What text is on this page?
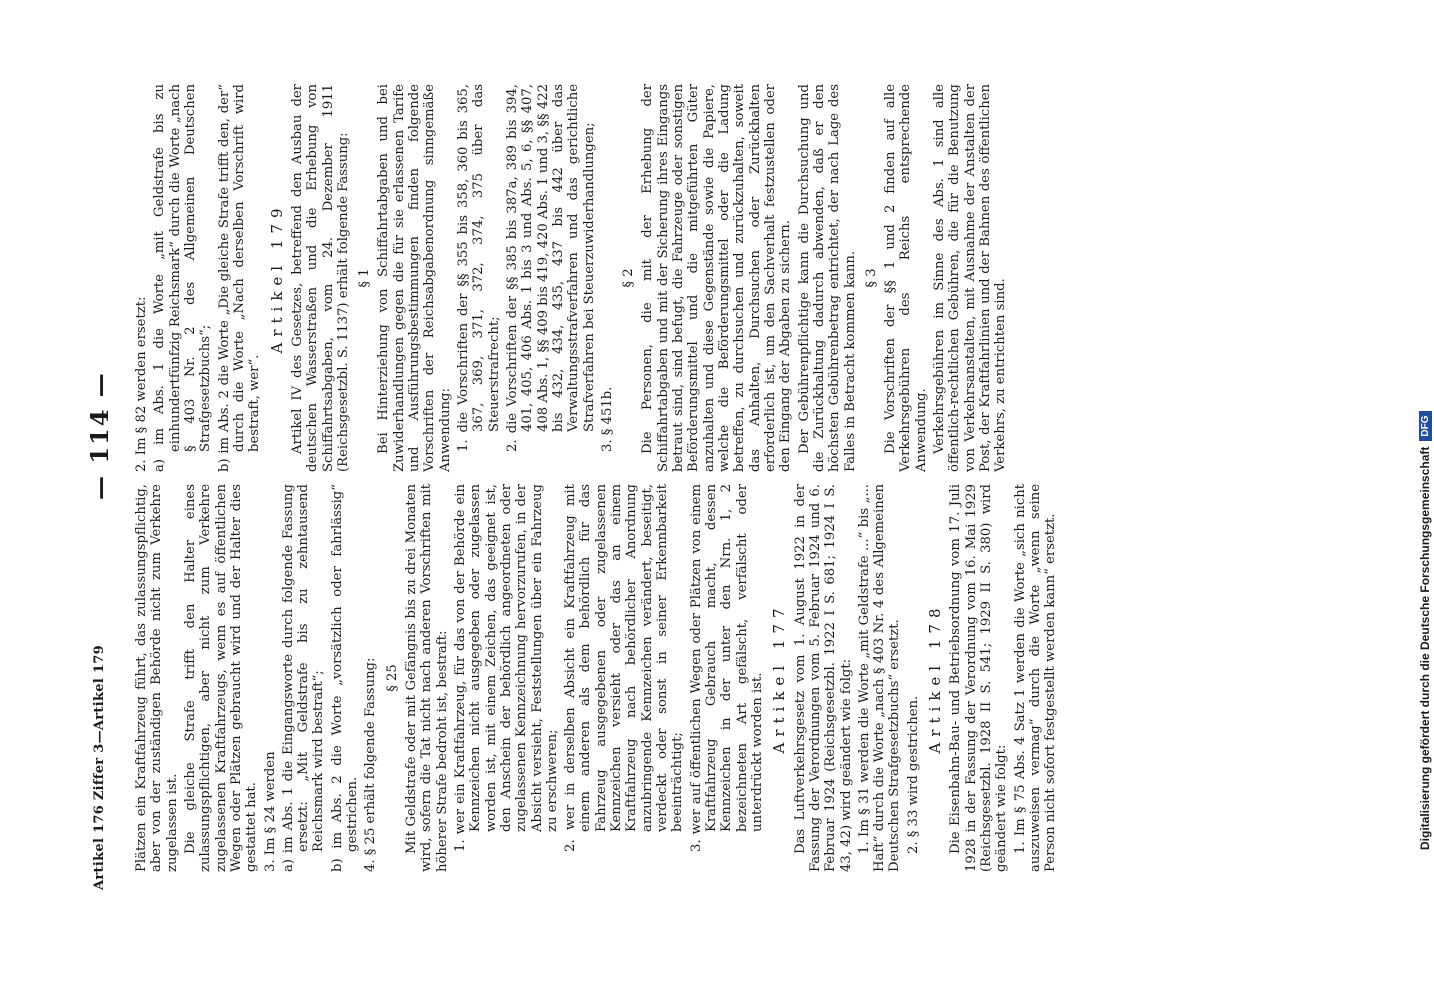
Artikel 176 Ziffer 3—Artikel 179
— 114 —

Plätzen ein Kraftfahrzeug führt, das zulassungspflichtig, aber von der zuständigen Behörde nicht zum Verkehre zugelassen ist. Die gleiche Strafe trifft den Halter eines zulassungspflichtigen, aber nicht zum Verkehre zugelassenen Kraftfahrzeugs, wenn es auf öffentlichen Wegen oder Plätzen gebraucht wird und der Halter dies gestattet hat. 3. Im § 24 werden a) im Abs. 1 die Eingangsworte durch folgende Fassung ersetzt: „Mit Geldstrafe bis zu zehntausend Reichsmark wird bestraft“; b) im Abs. 2 die Worte „vorsätzlich oder fahrlässig“ gestrichen. 4. § 25 erhält folgende Fassung: § 25 Mit Geldstrafe oder mit Gefängnis bis zu drei Monaten wird, sofern die Tat nicht nach anderen Vorschriften mit höherer Strafe bedroht ist, bestraft: 1. wer ein Kraftfahrzeug, für das von der Behörde ein Kennzeichen nicht ausgegeben oder zugelassen worden ist, mit einem Zeichen, das geeignet ist, den Anschein der behördlich angeordneten oder zugelassenen Kennzeichnung hervorzurufen, in der Absicht versieht, Feststellungen über ein Fahrzeug zu erschweren; 2. wer in derselben Absicht ein Kraftfahrzeug mit einem anderen als dem behördlich für das Fahrzeug ausgegebenen oder zugelassenen Kennzeichen versieht oder das an einem Kraftfahrzeug nach behördlicher Anordnung anzubringende Kennzeichen verändert, beseitigt, verdeckt oder sonst in seiner Erkennbarkeit beeinträchtigt; 3. wer auf öffentlichen Wegen oder Plätzen von einem Kraftfahrzeug Gebrauch macht, dessen Kennzeichen in der unter den Nrn. 1, 2 bezeichneten Art gefälscht, verfälscht oder unterdrückt worden ist. Artikel 177 Das Luftverkehrsgesetz vom 1. August 1922 in der Fassung der Verordnungen vom 5. Februar 1924 und 6. Februar 1924 (Reichsgesetzbl. 1922 I S. 681; 1924 I S. 43, 42) wird geändert wie folgt: 1. Im § 31 werden die Worte „mit Geldstrafe ...“ bis „... Haft“ durch die Worte „nach § 403 Nr. 4 des Allgemeinen Deutschen Strafgesetzbuchs“ ersetzt. 2. § 33 wird gestrichen.

Artikel 178 Die Eisenbahn-Bau- und Betriebsordnung vom 17. Juli 1928 in der Fassung der Verordnung vom 16. Mai 1929 (Reichsgesetzbl. 1928 II S. 541; 1929 II S. 380) wird geändert wie folgt: 1. Im § 75 Abs. 4 Satz 1 werden die Worte „sich nicht auszuweisen vermag“ durch die Worte „wenn seine Person nicht sofort festgestellt werden kann“ ersetzt.

2. Im § 82 werden ersetzt: a) im Abs. 1 die Worte „mit Geldstrafe bis zu einhundertfünfzig Reichsmark“ durch die Worte „nach § 403 Nr. 2 des Allgemeinen Deutschen Strafgesetzbuchs“; b) im Abs. 2 die Worte „Die gleiche Strafe trifft den, der“ durch die Worte „Nach derselben Vorschrift wird bestraft, wer“.

Artikel 179 Artikel IV des Gesetzes, betreffend den Ausbau der deutschen Wasserstraßen und die Erhebung von Schiffahrtsabgaben, vom 24. Dezember 1911 (Reichsgesetzbl. S. 1137) erhält folgende Fassung: § 1 Bei Hinterziehung von Schiffahrtabgaben und bei Zuwiderhandlungen gegen die für sie erlassenen Tarife und Ausführungsbestimmungen finden folgende Vorschriften der Reichsabgabenordnung sinngemäße Anwendung: 1. die Vorschriften der §§ 355 bis 358, 360 bis 365, 367, 369, 371, 372, 374, 375 über das Steuerstrafrecht; 2. die Vorschriften der §§ 385 bis 387a, 389 bis 394, 401, 405, 406 Abs. 1 bis 3 und Abs. 5, 6, §§ 407, 408 Abs. 1, §§ 409 bis 419, 420 Abs. 1 und 3, §§ 422 bis 432, 434, 435, 437 bis 442 über das Verwaltungsstrafverfahren und das gerichtliche Strafverfahren bei Steuerzuwiderhandlungen; 3. § 451b.

§ 2 Die Personen, die mit der Erhebung der Schiffahrtabgaben und mit der Sicherung ihres Eingangs betraut sind, sind befugt, die Fahrzeuge oder sonstigen Beförderungsmittel und die mitgeführten Güter anzuhalten und diese Gegenstände sowie die Papiere, welche die Beförderungsmittel oder die Ladung betreffen, zu durchsuchen und zurückzuhalten, soweit das Anhalten, Durchsuchen oder Zurückhalten erforderlich ist, um den Sachverhalt festzustellen oder den Eingang der Abgaben zu sichern. Der Gebührenpflichtige kann die Durchsuchung und die Zurückhaltung dadurch abwenden, daß er den höchsten Gebührenbetrag entrichtet, der nach Lage des Falles in Betracht kommen kann. § 3 Die Vorschriften der §§ 1 und 2 finden auf alle Verkehrsgebühren des Reichs entsprechende Anwendung. Verkehrsgebühren im Sinne des Abs. 1 sind alle öffentlich-rechtlichen Gebühren, die für die Benutzung von Verkehrsanstalten, mit Ausnahme der Anstalten der Post, der Kraftfahrlinien und der Bahnen des öffentlichen Verkehrs, zu entrichten sind.

Digitalisierung gefördert durch die Deutsche Forschungsgemeinschaft
DFG
